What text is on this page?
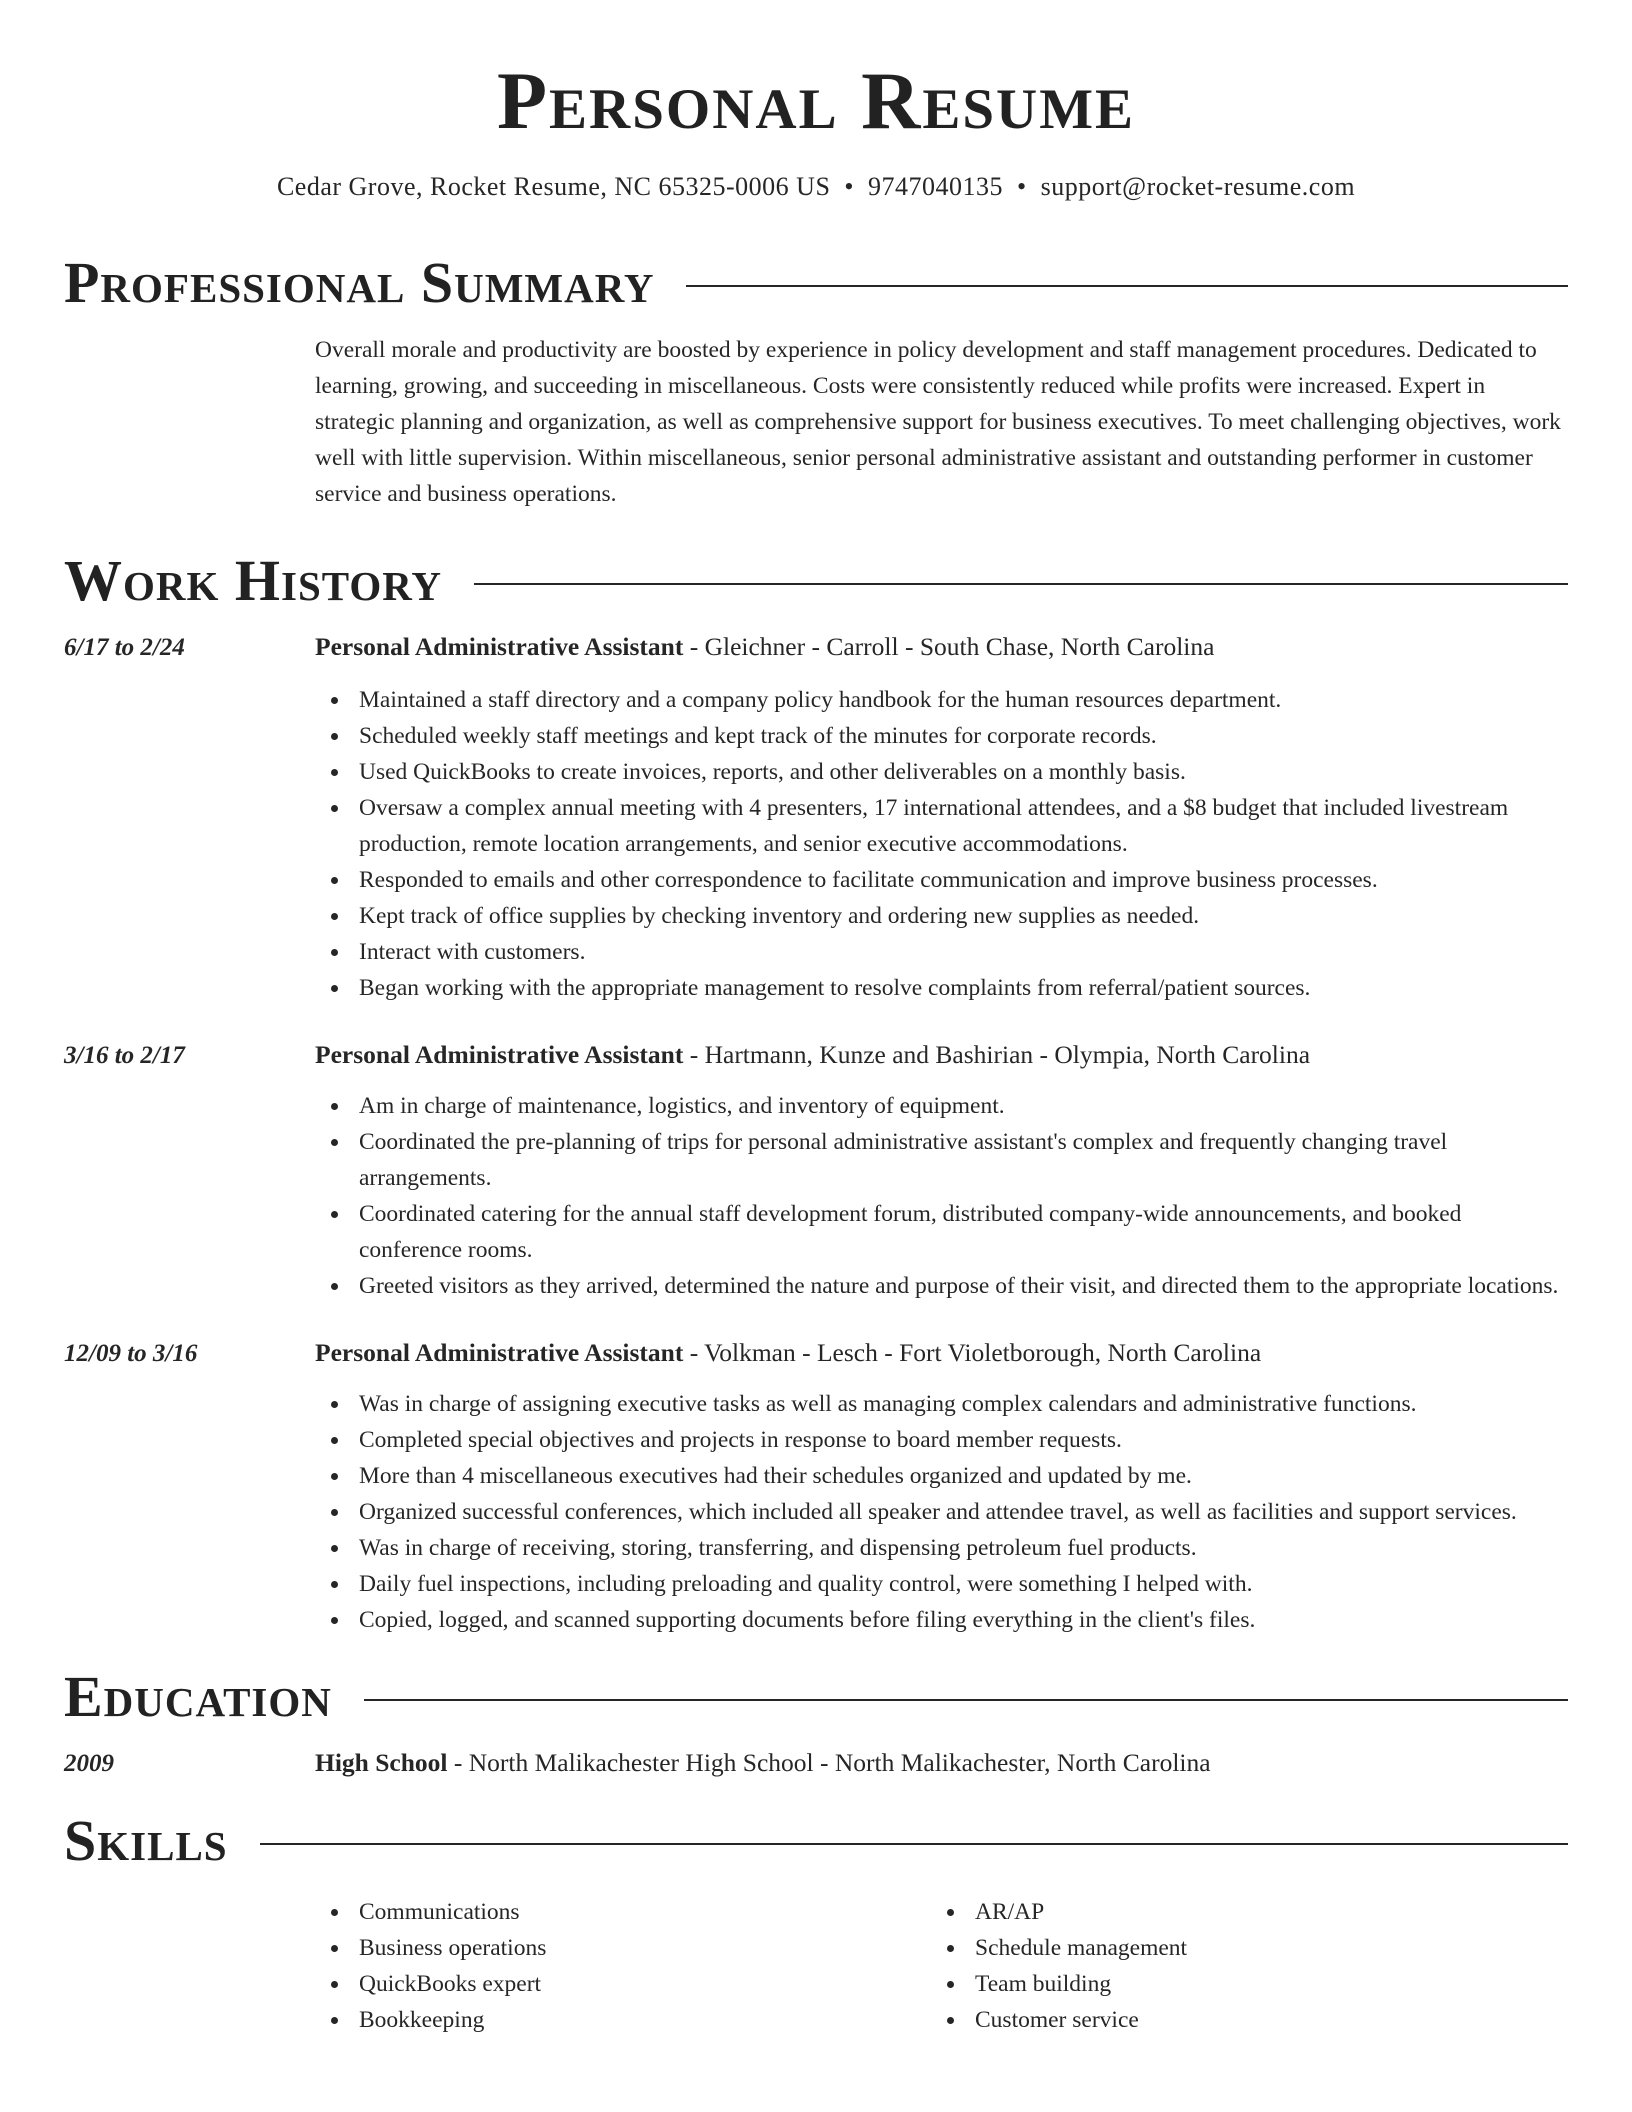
Personal Resume
Cedar Grove, Rocket Resume, NC 65325-0006 US • 9747040135 • support@rocket-resume.com
Professional Summary

Overall morale and productivity are boosted by experience in policy development and staff management procedures. Dedicated to learning, growing, and succeeding in miscellaneous. Costs were consistently reduced while profits were increased. Expert in strategic planning and organization, as well as comprehensive support for business executives. To meet challenging objectives, work well with little supervision. Within miscellaneous, senior personal administrative assistant and outstanding performer in customer service and business operations.

Work History
6/17 to 2/24	Personal Administrative Assistant - Gleichner - Carroll - South Chase, North Carolina
Maintained a staff directory and a company policy handbook for the human resources department.
Scheduled weekly staff meetings and kept track of the minutes for corporate records.
Used QuickBooks to create invoices, reports, and other deliverables on a monthly basis.
Oversaw a complex annual meeting with 4 presenters, 17 international attendees, and a $8 budget that included livestream production, remote location arrangements, and senior executive accommodations.
Responded to emails and other correspondence to facilitate communication and improve business processes.
Kept track of office supplies by checking inventory and ordering new supplies as needed.
Interact with customers.
Began working with the appropriate management to resolve complaints from referral/patient sources.
3/16 to 2/17	Personal Administrative Assistant - Hartmann, Kunze and Bashirian - Olympia, North Carolina
Am in charge of maintenance, logistics, and inventory of equipment.
Coordinated the pre-planning of trips for personal administrative assistant's complex and frequently changing travel arrangements.
Coordinated catering for the annual staff development forum, distributed company-wide announcements, and booked conference rooms.
Greeted visitors as they arrived, determined the nature and purpose of their visit, and directed them to the appropriate locations.
12/09 to 3/16	Personal Administrative Assistant - Volkman - Lesch - Fort Violetborough, North Carolina
Was in charge of assigning executive tasks as well as managing complex calendars and administrative functions.
Completed special objectives and projects in response to board member requests.
More than 4 miscellaneous executives had their schedules organized and updated by me.
Organized successful conferences, which included all speaker and attendee travel, as well as facilities and support services.
Was in charge of receiving, storing, transferring, and dispensing petroleum fuel products.
Daily fuel inspections, including preloading and quality control, were something I helped with.
Copied, logged, and scanned supporting documents before filing everything in the client's files.
Education
2009	High School - North Malikachester High School - North Malikachester, North Carolina
Skills
Communications
Business operations
QuickBooks expert
Bookkeeping
AR/AP
Schedule management
Team building
Customer service
